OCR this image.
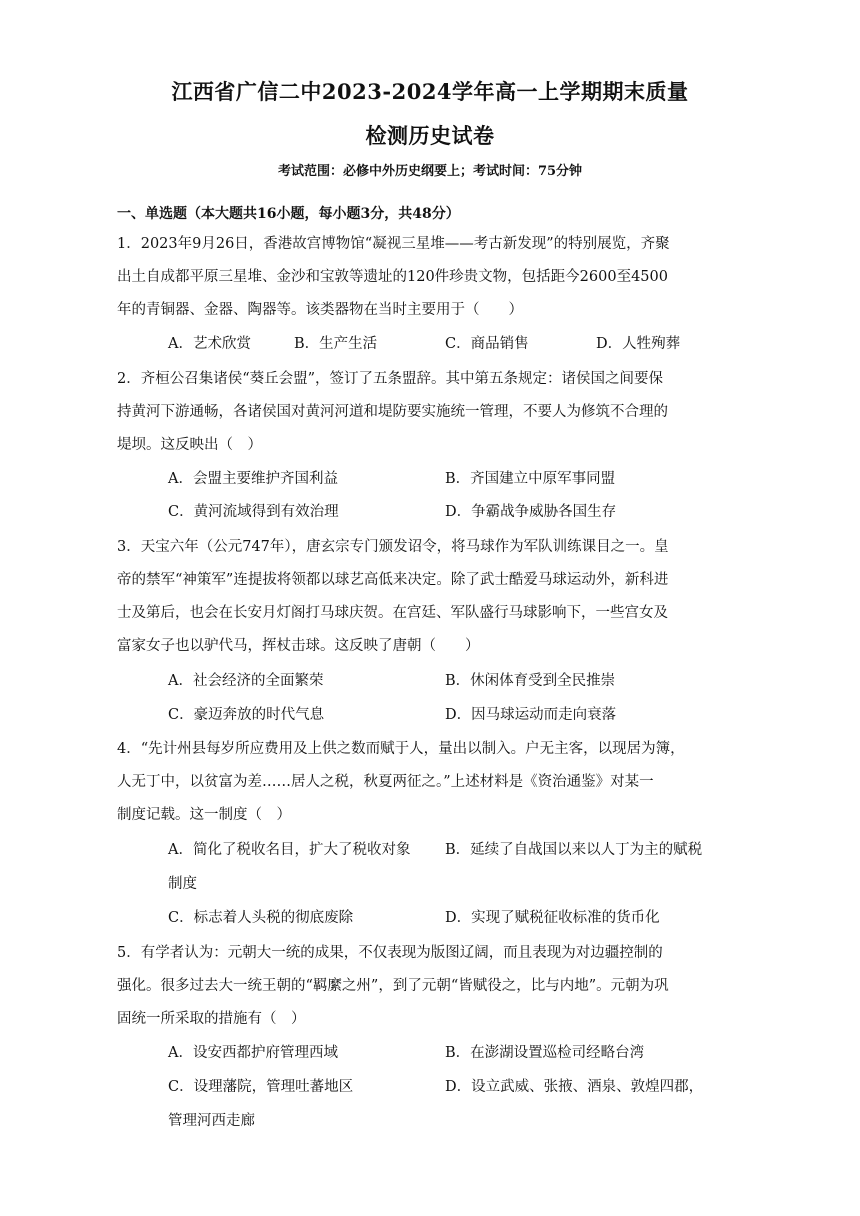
江西省广信二中2023-2024学年高一上学期期末质量
检测历史试卷
考试范围：必修中外历史纲要上；考试时间：75分钟
一、单选题（本大题共16小题，每小题3分，共48分）
1．2023年9月26日，香港故宫博物馆“凝视三星堆——考古新发现”的特别展览，齐聚
出土自成都平原三星堆、金沙和宝敦等遗址的120件珍贵文物，包括距今2600至4500
年的青铜器、金器、陶器等。该类器物在当时主要用于（　　）
A．艺术欣赏	B．生产生活	C．商品销售	D．人牲殉葬
2．齐桓公召集诸侯“葵丘会盟”，签订了五条盟辞。其中第五条规定：诸侯国之间要保
持黄河下游通畅，各诸侯国对黄河河道和堤防要实施统一管理，不要人为修筑不合理的
堤坝。这反映出（　）
A．会盟主要维护齐国利益	B．齐国建立中原军事同盟
C．黄河流域得到有效治理	D．争霸战争威胁各国生存
3．天宝六年（公元747年），唐玄宗专门颁发诏令，将马球作为军队训练课目之一。皇
帝的禁军“神策军”连提拔将领都以球艺高低来决定。除了武士酷爱马球运动外，新科进
士及第后，也会在长安月灯阁打马球庆贺。在宫廷、军队盛行马球影响下，一些宫女及
富家女子也以驴代马，挥杖击球。这反映了唐朝（　　）
A．社会经济的全面繁荣	B．休闲体育受到全民推崇
C．豪迈奔放的时代气息	D．因马球运动而走向衰落
4．“先计州县每岁所应费用及上供之数而赋于人，量出以制入。户无主客，以现居为簿，
人无丁中，以贫富为差……居人之税，秋夏两征之。”上述材料是《资治通鉴》对某一
制度记载。这一制度（　）
A．简化了税收名目，扩大了税收对象 B．延续了自战国以来以人丁为主的赋税
制度
C．标志着人头税的彻底废除	D．实现了赋税征收标准的货币化
5．有学者认为：元朝大一统的成果，不仅表现为版图辽阔，而且表现为对边疆控制的
强化。很多过去大一统王朝的“羁縻之州”，到了元朝“皆赋役之，比与内地”。元朝为巩
固统一所采取的措施有（　）
A．设安西都护府管理西域	B．在澎湖设置巡检司经略台湾
C．设理藩院，管理吐蕃地区	D．设立武威、张掖、酒泉、敦煌四郡，
管理河西走廊
